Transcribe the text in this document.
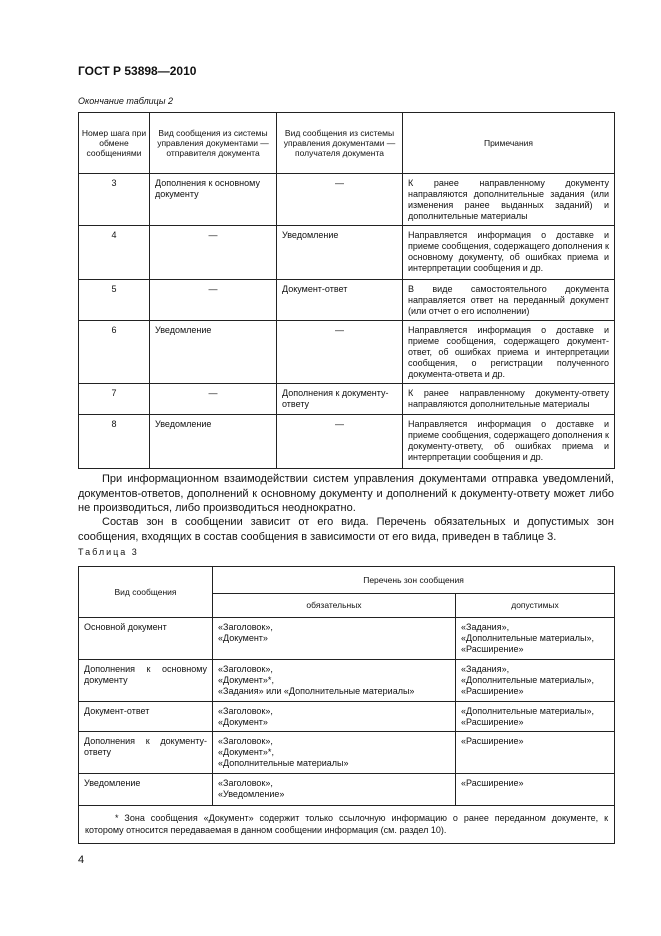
ГОСТ Р 53898—2010
Окончание таблицы 2
Номер шага при обмене сообщениями	Вид сообщения из системы управления документами — отправителя документа	Вид сообщения из системы управления документами — получателя документа	Примечания
3	Дополнения к основному документу	—	К ранее направленному документу направляются дополнительные задания (или изменения ранее выданных заданий) и дополнительные материалы
4	—	Уведомление	Направляется информация о доставке и приеме сообщения, содержащего дополнения к основному документу, об ошибках приема и интерпретации сообщения и др.
5	—	Документ-ответ	В виде самостоятельного документа направляется ответ на переданный документ (или отчет о его исполнении)
6	Уведомление	—	Направляется информация о доставке и приеме сообщения, содержащего документ-ответ, об ошибках приема и интерпретации сообщения, о регистрации полученного документа-ответа и др.
7	—	Дополнения к документу-ответу	К ранее направленному документу-ответу направляются дополнительные материалы
8	Уведомление	—	Направляется информация о доставке и приеме сообщения, содержащего дополнения к документу-ответу, об ошибках приема и интерпретации сообщения и др.
При информационном взаимодействии систем управления документами отправка уведомлений, документов-ответов, дополнений к основному документу и дополнений к документу-ответу может либо не производиться, либо производиться неоднократно.
Состав зон в сообщении зависит от его вида. Перечень обязательных и допустимых зон сообщения, входящих в состав сообщения в зависимости от его вида, приведен в таблице 3.
Таблица 3
Вид сообщения	Перечень зон сообщения	
	обязательных	допустимых
Основной документ	«Заголовок»,
«Документ»	«Задания»,
«Дополнительные материалы»,
«Расширение»

Дополнения к основному документу	«Заголовок»,
«Документ»*,
«Задания» или «Дополнительные материалы»	«Задания»,
«Дополнительные материалы»,
«Расширение»

Документ-ответ	«Заголовок»,
«Документ»	«Дополнительные материалы»,
«Расширение»

Дополнения к документу-ответу	«Заголовок»,
«Документ»*,
«Дополнительные материалы»	«Расширение»

Уведомление	«Заголовок»,
«Уведомление»	«Расширение»

* Зона сообщения «Документ» содержит только ссылочную информацию о ранее переданном документе, к которому относится передаваемая в данном сообщении информация (см. раздел 10).		
4
